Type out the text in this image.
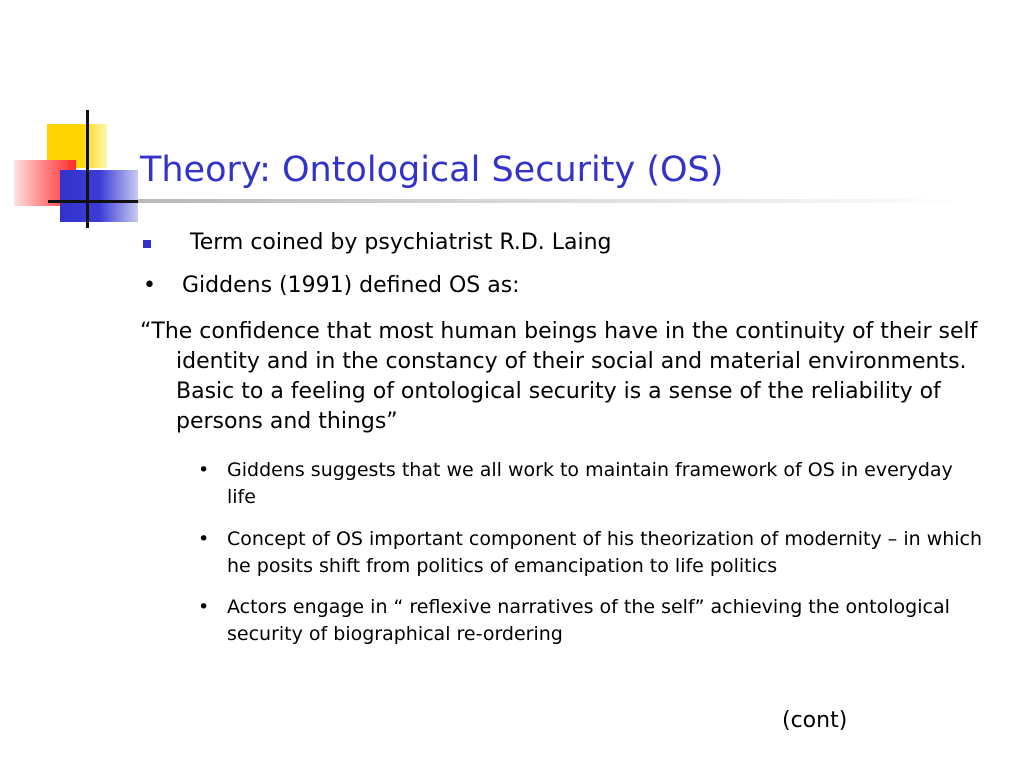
Theory: Ontological Security (OS)
Term coined by psychiatrist R.D. Laing
• Giddens (1991) defined OS as:
“The confidence that most human beings have in the continuity of their self identity and in the constancy of their social and material environments. Basic to a feeling of ontological security is a sense of the reliability of persons and things”
• Giddens suggests that we all work to maintain framework of OS in everyday life
• Concept of OS important component of his theorization of modernity – in which he posits shift from politics of emancipation to life politics
• Actors engage in “ reflexive narratives of the self” achieving the ontological security of biographical re-ordering
(cont)
